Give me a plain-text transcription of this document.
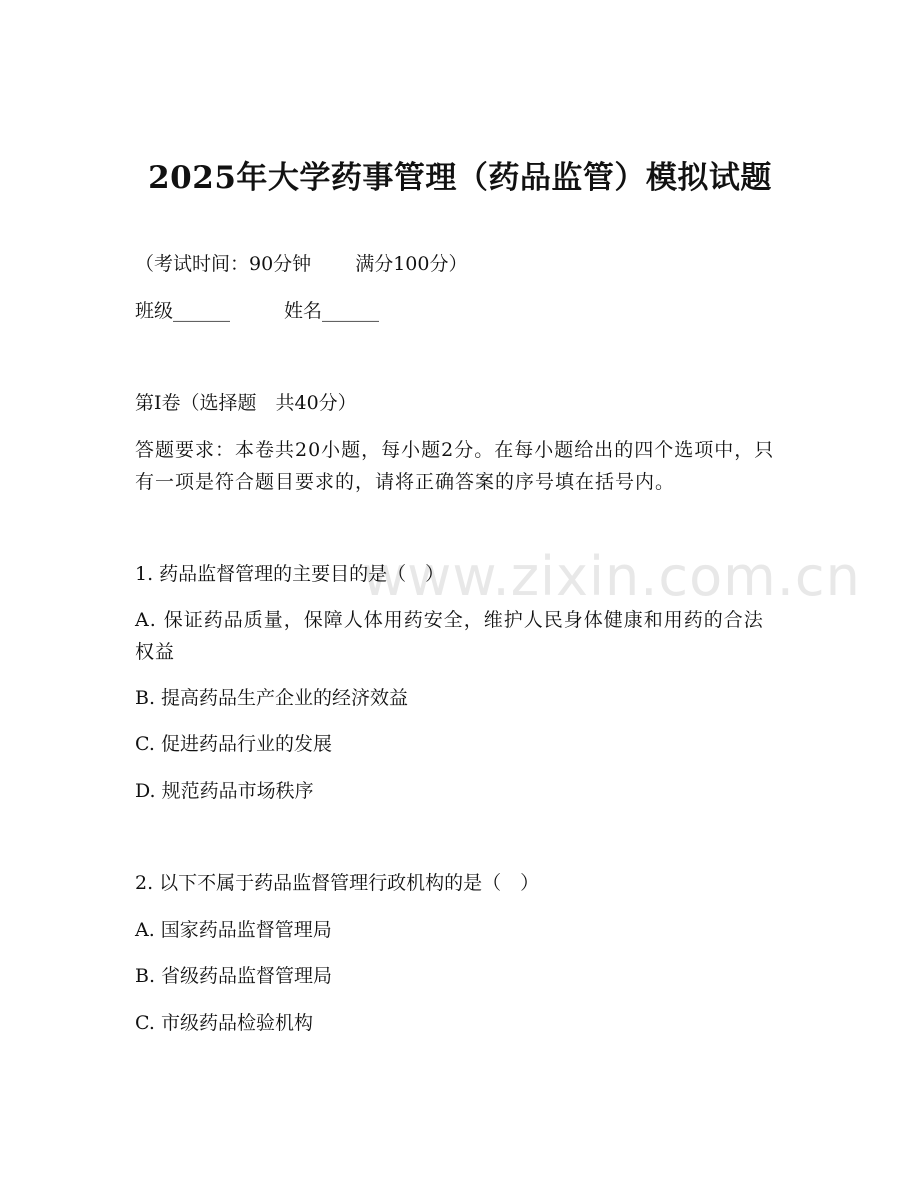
2025年大学药事管理（药品监管）模拟试题
（考试时间：90分钟 满分100分）
班级______	姓名______
第Ⅰ卷（选择题　共40分）
答题要求：本卷共20小题，每小题2分。在每小题给出的四个选项中，只有一项是符合题目要求的，请将正确答案的序号填在括号内。
www.zixin.com.cn
1. 药品监督管理的主要目的是（　）
A. 保证药品质量，保障人体用药安全，维护人民身体健康和用药的合法权益
B. 提高药品生产企业的经济效益
C. 促进药品行业的发展
D. 规范药品市场秩序
2. 以下不属于药品监督管理行政机构的是（　）
A. 国家药品监督管理局
B. 省级药品监督管理局
C. 市级药品检验机构
